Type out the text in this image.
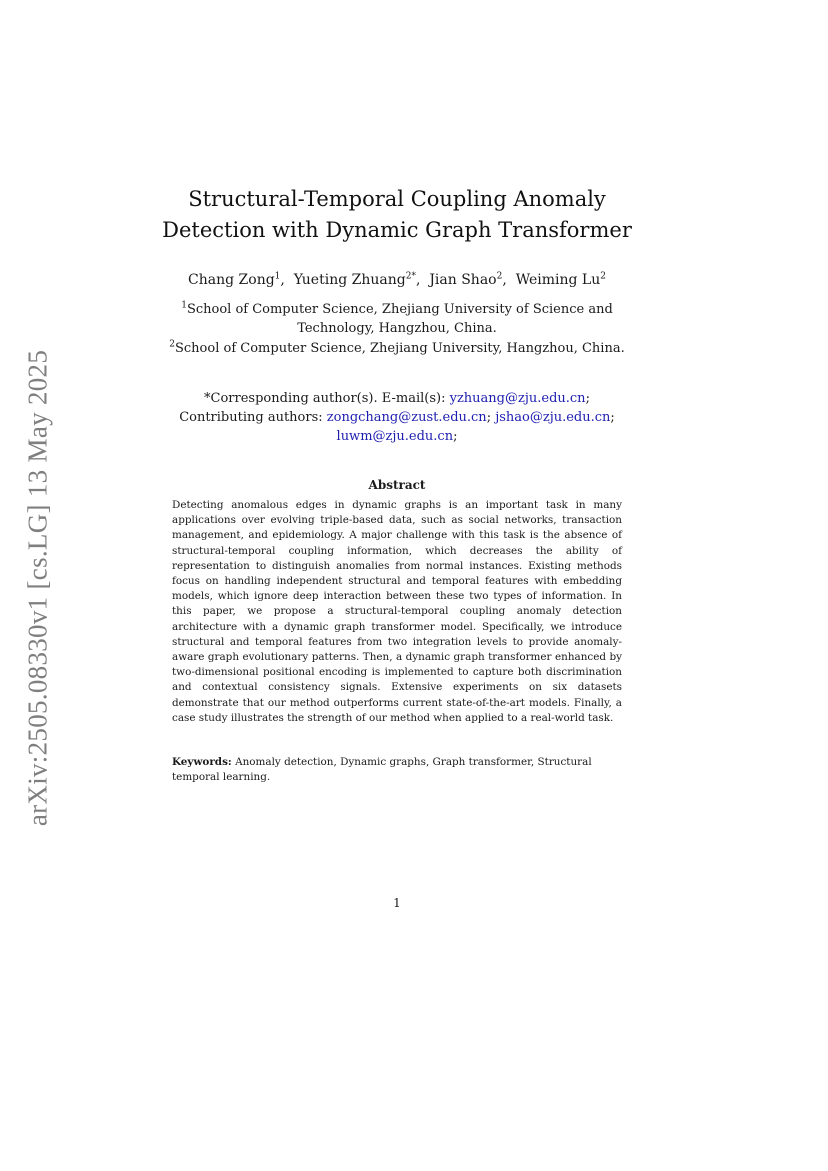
arXiv:2505.08330v1 [cs.LG] 13 May 2025
Structural-Temporal Coupling Anomaly
Detection with Dynamic Graph Transformer
Chang Zong$^1$,  Yueting Zhuang$^{2*}$,  Jian Shao$^2$,  Weiming Lu$^2$
$^1$School of Computer Science, Zhejiang University of Science and
Technology, Hangzhou, China.
$^2$School of Computer Science, Zhejiang University, Hangzhou, China.
*Corresponding author(s). E-mail(s): yzhuang@zju.edu.cn;
Contributing authors: zongchang@zust.edu.cn; jshao@zju.edu.cn;
luwm@zju.edu.cn;
Abstract
Detecting anomalous edges in dynamic graphs is an important task in many applications over evolving triple-based data, such as social networks, transaction management, and epidemiology. A major challenge with this task is the absence of structural-temporal coupling information, which decreases the ability of representation to distinguish anomalies from normal instances. Existing methods focus on handling independent structural and temporal features with embedding models, which ignore deep interaction between these two types of information. In this paper, we propose a structural-temporal coupling anomaly detection architecture with a dynamic graph transformer model. Specifically, we introduce structural and temporal features from two integration levels to provide anomaly-aware graph evolutionary patterns. Then, a dynamic graph transformer enhanced by two-dimensional positional encoding is implemented to capture both discrimination and contextual consistency signals. Extensive experiments on six datasets demonstrate that our method outperforms current state-of-the-art models. Finally, a case study illustrates the strength of our method when applied to a real-world task.
Keywords: Anomaly detection, Dynamic graphs, Graph transformer, Structural temporal learning.
1
